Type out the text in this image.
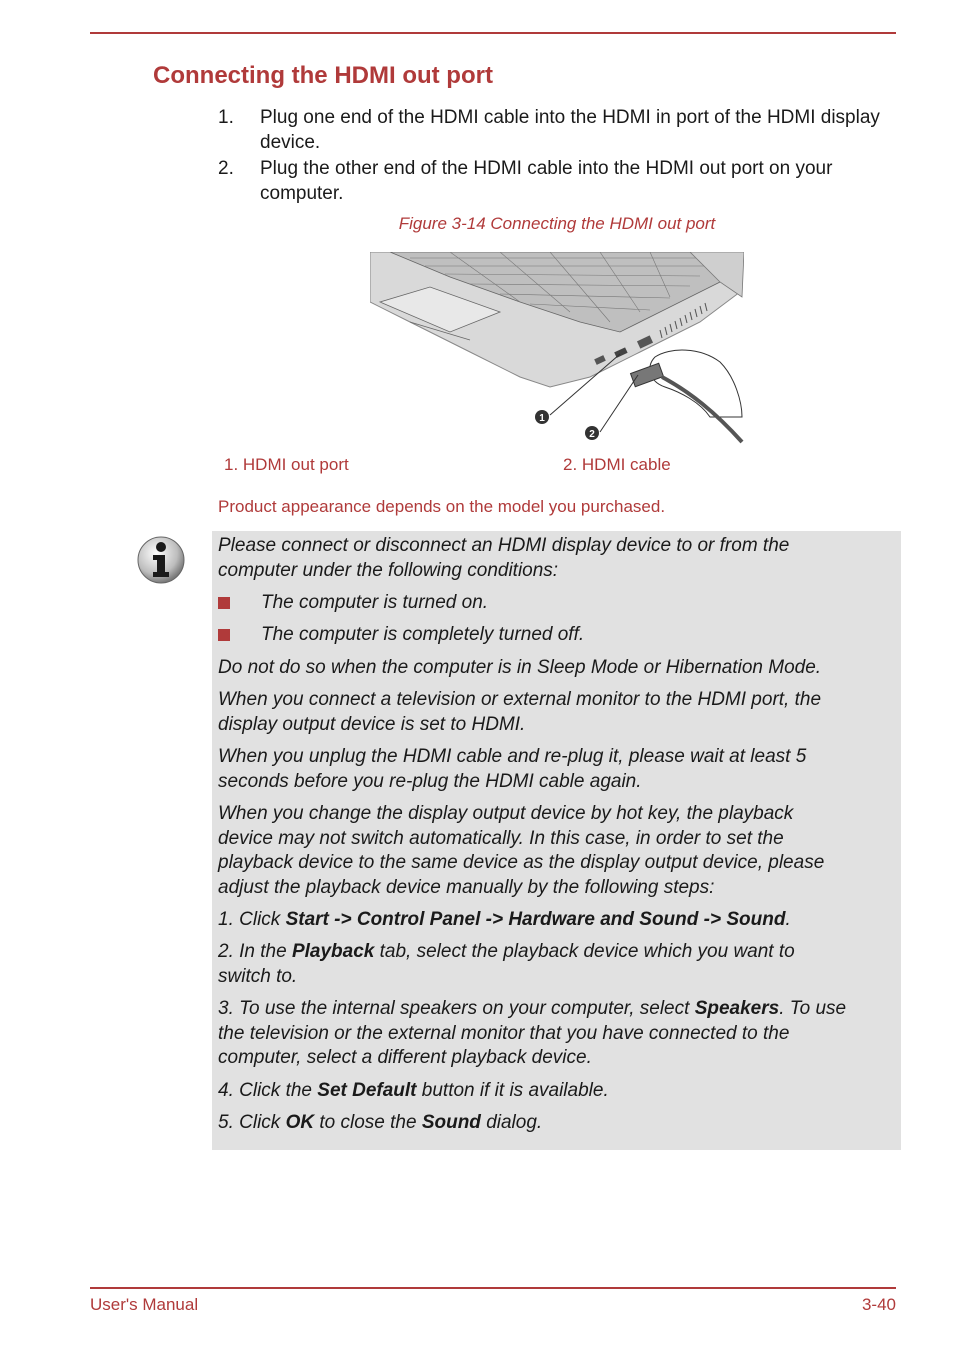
Connecting the HDMI out port
1. Plug one end of the HDMI cable into the HDMI in port of the HDMI display device.
2. Plug the other end of the HDMI cable into the HDMI out port on your computer.
Figure 3-14 Connecting the HDMI out port
1
2
1. HDMI out port	2. HDMI cable
Product appearance depends on the model you purchased.

Please connect or disconnect an HDMI display device to or from the
computer under the following conditions:

The computer is turned on.
The computer is completely turned off.

Do not do so when the computer is in Sleep Mode or Hibernation Mode.

When you connect a television or external monitor to the HDMI port, the
display output device is set to HDMI.

When you unplug the HDMI cable and re-plug it, please wait at least 5
seconds before you re-plug the HDMI cable again.

When you change the display output device by hot key, the playback
device may not switch automatically. In this case, in order to set the
playback device to the same device as the display output device, please
adjust the playback device manually by the following steps:

1. Click Start -> Control Panel -> Hardware and Sound -> Sound.

2. In the Playback tab, select the playback device which you want to
switch to.

3. To use the internal speakers on your computer, select Speakers. To use
the television or the external monitor that you have connected to the
computer, select a different playback device.

4. Click the Set Default button if it is available.

5. Click OK to close the Sound dialog.

User's Manual	3-40
